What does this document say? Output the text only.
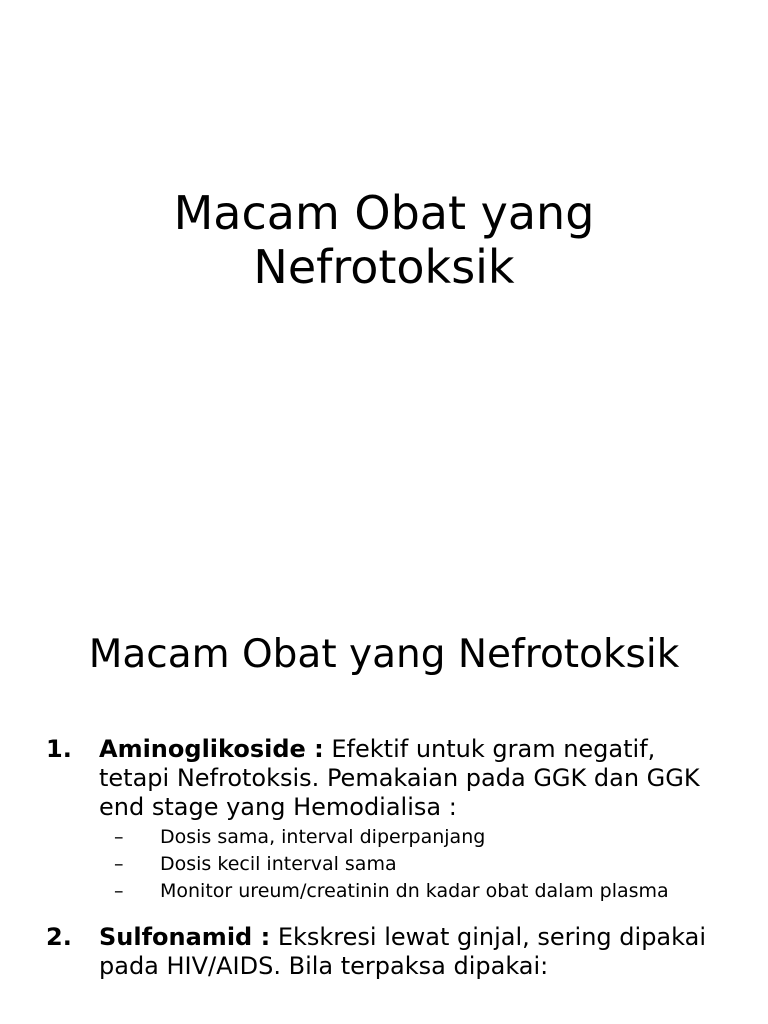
Macam Obat yang
Nefrotoksik
Macam Obat yang Nefrotoksik
1. Aminoglikoside : Efektif untuk gram negatif, tetapi Nefrotoksis. Pemakaian pada GGK dan GGK end stage yang Hemodialisa :
– Dosis sama, interval diperpanjang
– Dosis kecil interval sama
– Monitor ureum/creatinin dn kadar obat dalam plasma
2. Sulfonamid : Ekskresi lewat ginjal, sering dipakai pada HIV/AIDS. Bila terpaksa dipakai:
